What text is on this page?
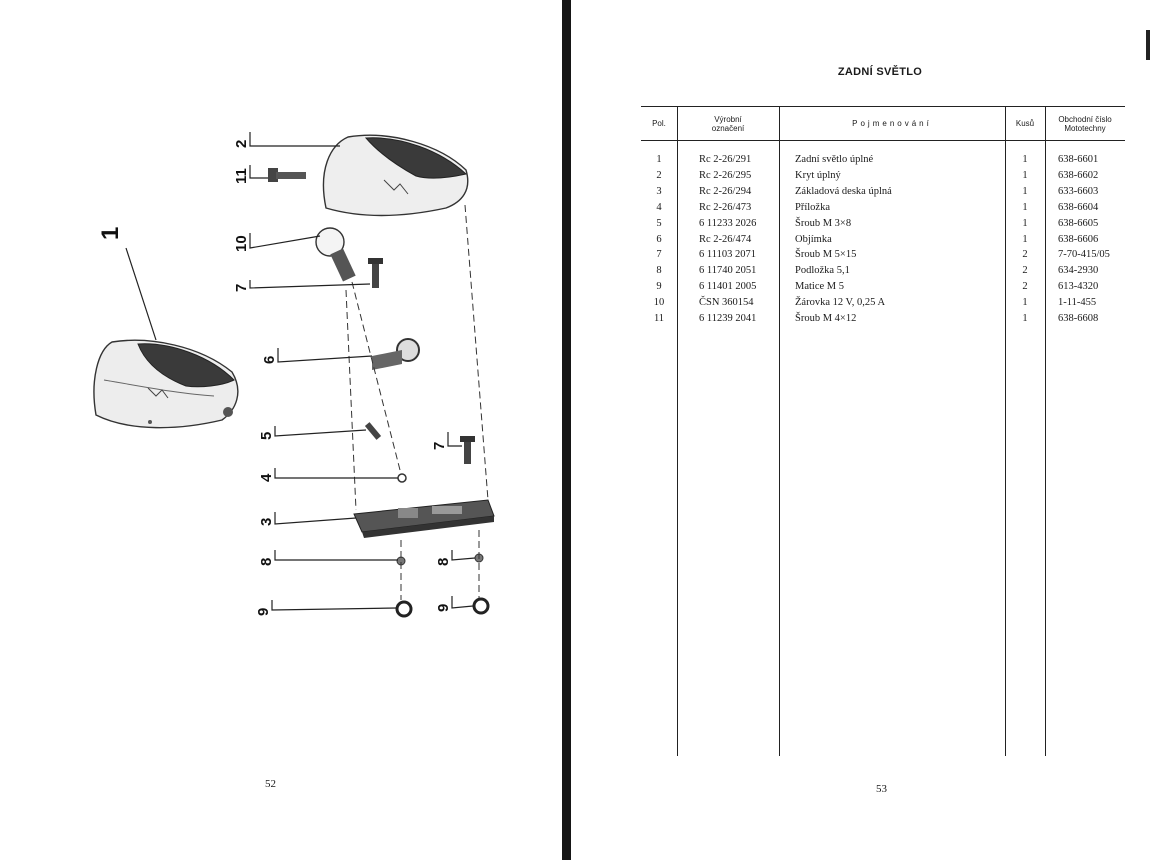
1
2
11
10
7
6
5
4
3
8
9
7
8
9
52
ZADNÍ SVĚTLO
Pol.	Výrobní
označení	Pojmenování	Kusů	Obchodní číslo
Mototechny
1	Rc 2-26/291	Zadní světlo úplné	1	638-6601
2	Rc 2-26/295	Kryt úplný	1	638-6602
3	Rc 2-26/294	Základová deska úplná	1	633-6603
4	Rc 2-26/473	Příložka	1	638-6604
5	6 11233 2026	Šroub M 3×8	1	638-6605
6	Rc 2-26/474	Objímka	1	638-6606
7	6 11103 2071	Šroub M 5×15	2	7-70-415/05
8	6 11740 2051	Podložka 5,1	2	634-2930
9	6 11401 2005	Matice M 5	2	613-4320
10	ČSN 360154	Žárovka 12 V, 0,25 A	1	1-11-455
11	6 11239 2041	Šroub M 4×12	1	638-6608
53
